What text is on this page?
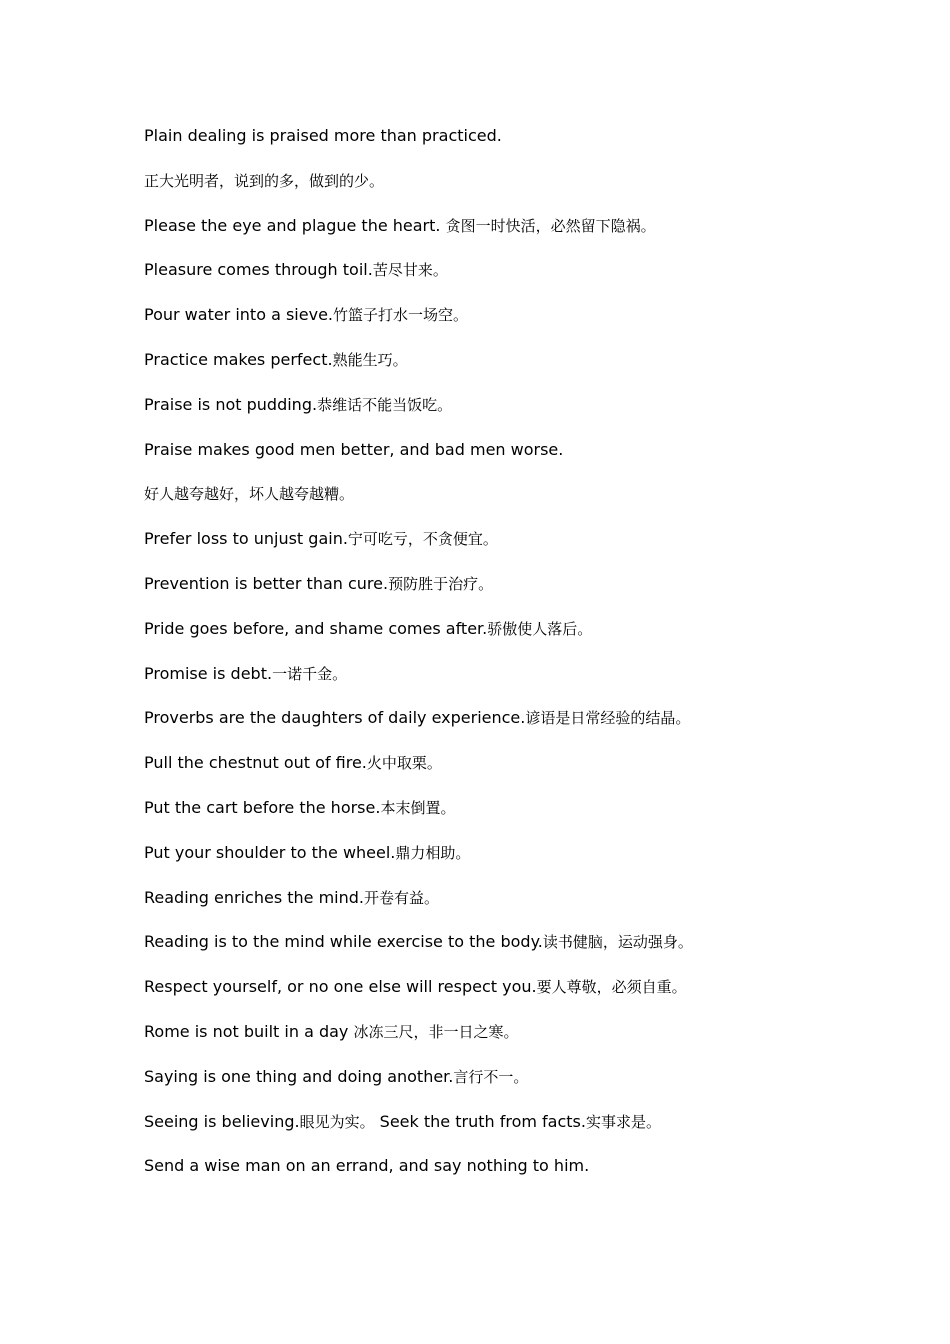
Plain dealing is praised more than practiced.
正大光明者，说到的多，做到的少。
Please the eye and plague the heart. 贪图一时快活，必然留下隐祸。
Pleasure comes through toil.苦尽甘来。
Pour water into a sieve.竹篮子打水一场空。
Practice makes perfect.熟能生巧。
Praise is not pudding.恭维话不能当饭吃。
Praise makes good men better, and bad men worse.
好人越夸越好，坏人越夸越糟。
Prefer loss to unjust gain.宁可吃亏，不贪便宜。
Prevention is better than cure.预防胜于治疗。
Pride goes before, and shame comes after.骄傲使人落后。
Promise is debt.一诺千金。
Proverbs are the daughters of daily experience.谚语是日常经验的结晶。
Pull the chestnut out of fire.火中取栗。
Put the cart before the horse.本末倒置。
Put your shoulder to the wheel.鼎力相助。
Reading enriches the mind.开卷有益。
Reading is to the mind while exercise to the body.读书健脑，运动强身。
Respect yourself, or no one else will respect you.要人尊敬，必须自重。
Rome is not built in a day 冰冻三尺，非一日之寒。
Saying is one thing and doing another.言行不一。
Seeing is believing.眼见为实。 Seek the truth from facts.实事求是。
Send a wise man on an errand, and say nothing to him.
